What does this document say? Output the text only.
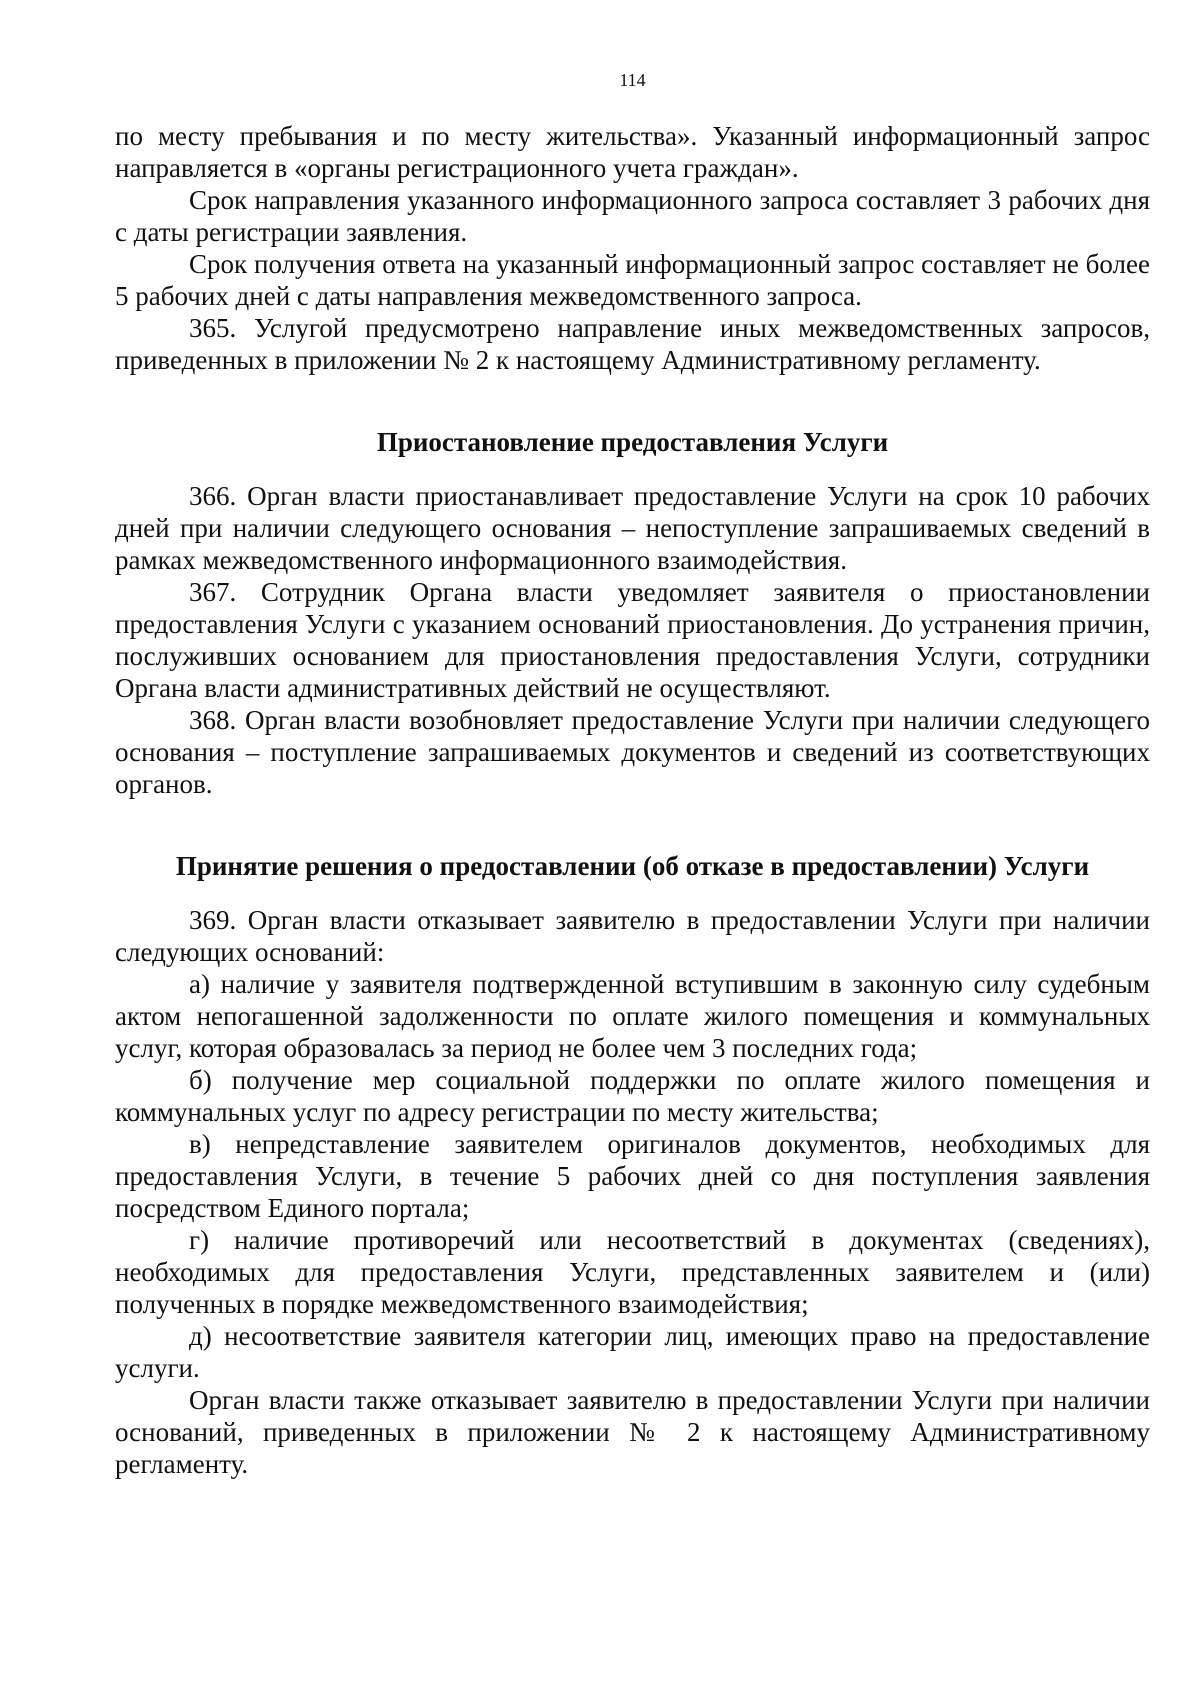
114

по месту пребывания и по месту жительства». Указанный информационный запрос направляется в «органы регистрационного учета граждан».

Срок направления указанного информационного запроса составляет 3 рабочих дня с даты регистрации заявления.

Срок получения ответа на указанный информационный запрос составляет не более 5 рабочих дней с даты направления межведомственного запроса.

365. Услугой предусмотрено направление иных межведомственных запросов, приведенных в приложении № 2 к настоящему Административному регламенту.

Приостановление предоставления Услуги

366. Орган власти приостанавливает предоставление Услуги на срок 10 рабочих дней при наличии следующего основания – непоступление запрашиваемых сведений в рамках межведомственного информационного взаимодействия.

367. Сотрудник Органа власти уведомляет заявителя о приостановлении предоставления Услуги с указанием оснований приостановления. До устранения причин, послуживших основанием для приостановления предоставления Услуги, сотрудники Органа власти административных действий не осуществляют.

368. Орган власти возобновляет предоставление Услуги при наличии следующего основания – поступление запрашиваемых документов и сведений из соответствующих органов.

Принятие решения о предоставлении (об отказе в предоставлении) Услуги

369. Орган власти отказывает заявителю в предоставлении Услуги при наличии следующих оснований:

а) наличие у заявителя подтвержденной вступившим в законную силу судебным актом непогашенной задолженности по оплате жилого помещения и коммунальных услуг, которая образовалась за период не более чем 3 последних года;

б) получение мер социальной поддержки по оплате жилого помещения и коммунальных услуг по адресу регистрации по месту жительства;

в) непредставление заявителем оригиналов документов, необходимых для предоставления Услуги, в течение 5 рабочих дней со дня поступления заявления посредством Единого портала;

г) наличие противоречий или несоответствий в документах (сведениях), необходимых для предоставления Услуги, представленных заявителем и (или) полученных в порядке межведомственного взаимодействия;

д) несоответствие заявителя категории лиц, имеющих право на предоставление услуги.

Орган власти также отказывает заявителю в предоставлении Услуги при наличии оснований, приведенных в приложении № 2 к настоящему Административному регламенту.
